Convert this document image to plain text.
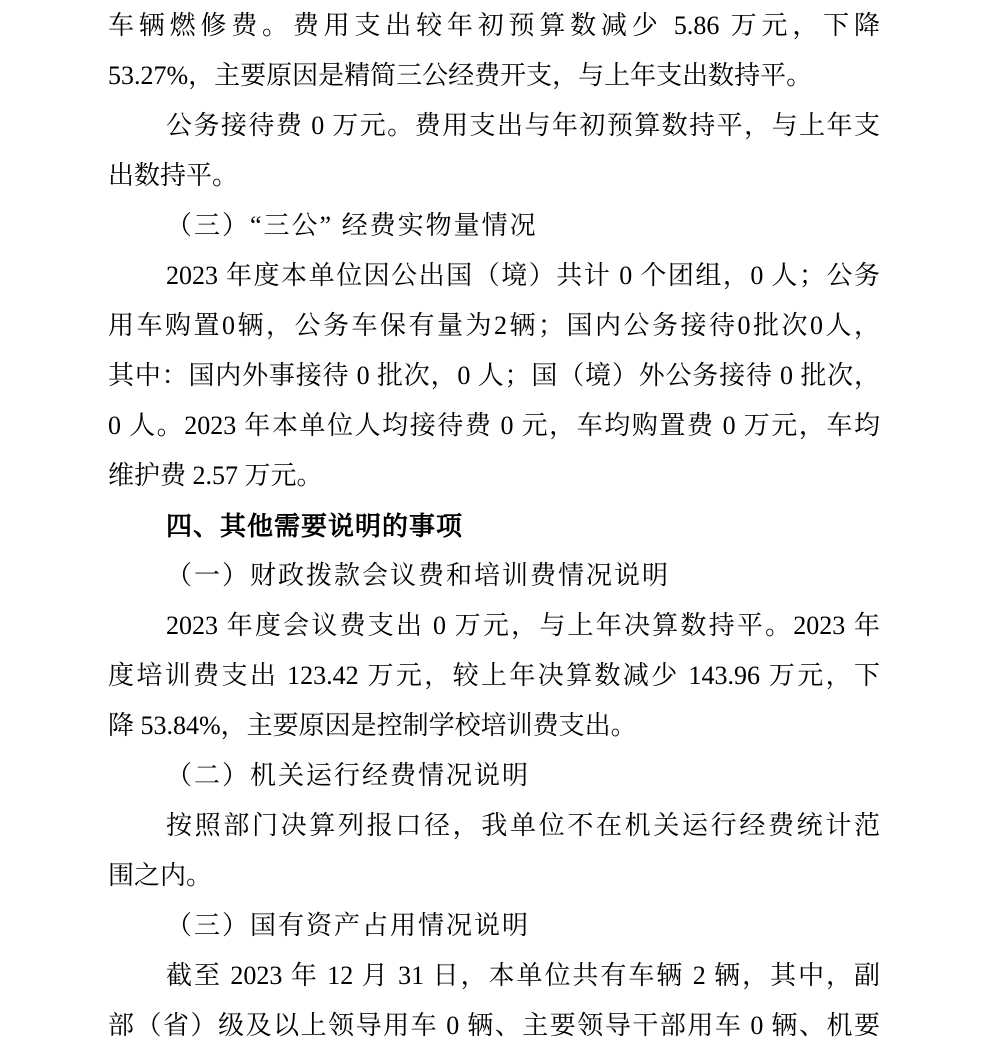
车辆燃修费。费用支出较年初预算数减少 5.86 万元，下降
53.27%，主要原因是精简三公经费开支，与上年支出数持平。
公务接待费 0 万元。费用支出与年初预算数持平，与上年支
出数持平。
（三）“三公” 经费实物量情况
2023 年度本单位因公出国（境）共计 0 个团组，0 人；公务
用车购置0辆，公务车保有量为2辆；国内公务接待0批次0人，
其中：国内外事接待 0 批次，0 人；国（境）外公务接待 0 批次，
0 人。2023 年本单位人均接待费 0 元，车均购置费 0 万元，车均
维护费 2.57 万元。
四、其他需要说明的事项
（一）财政拨款会议费和培训费情况说明
2023 年度会议费支出 0 万元，与上年决算数持平。2023 年
度培训费支出 123.42 万元，较上年决算数减少 143.96 万元，下
降 53.84%，主要原因是控制学校培训费支出。
（二）机关运行经费情况说明
按照部门决算列报口径，我单位不在机关运行经费统计范
围之内。
（三）国有资产占用情况说明
截至 2023 年 12 月 31 日，本单位共有车辆 2 辆，其中，副
部（省）级及以上领导用车 0 辆、主要领导干部用车 0 辆、机要
